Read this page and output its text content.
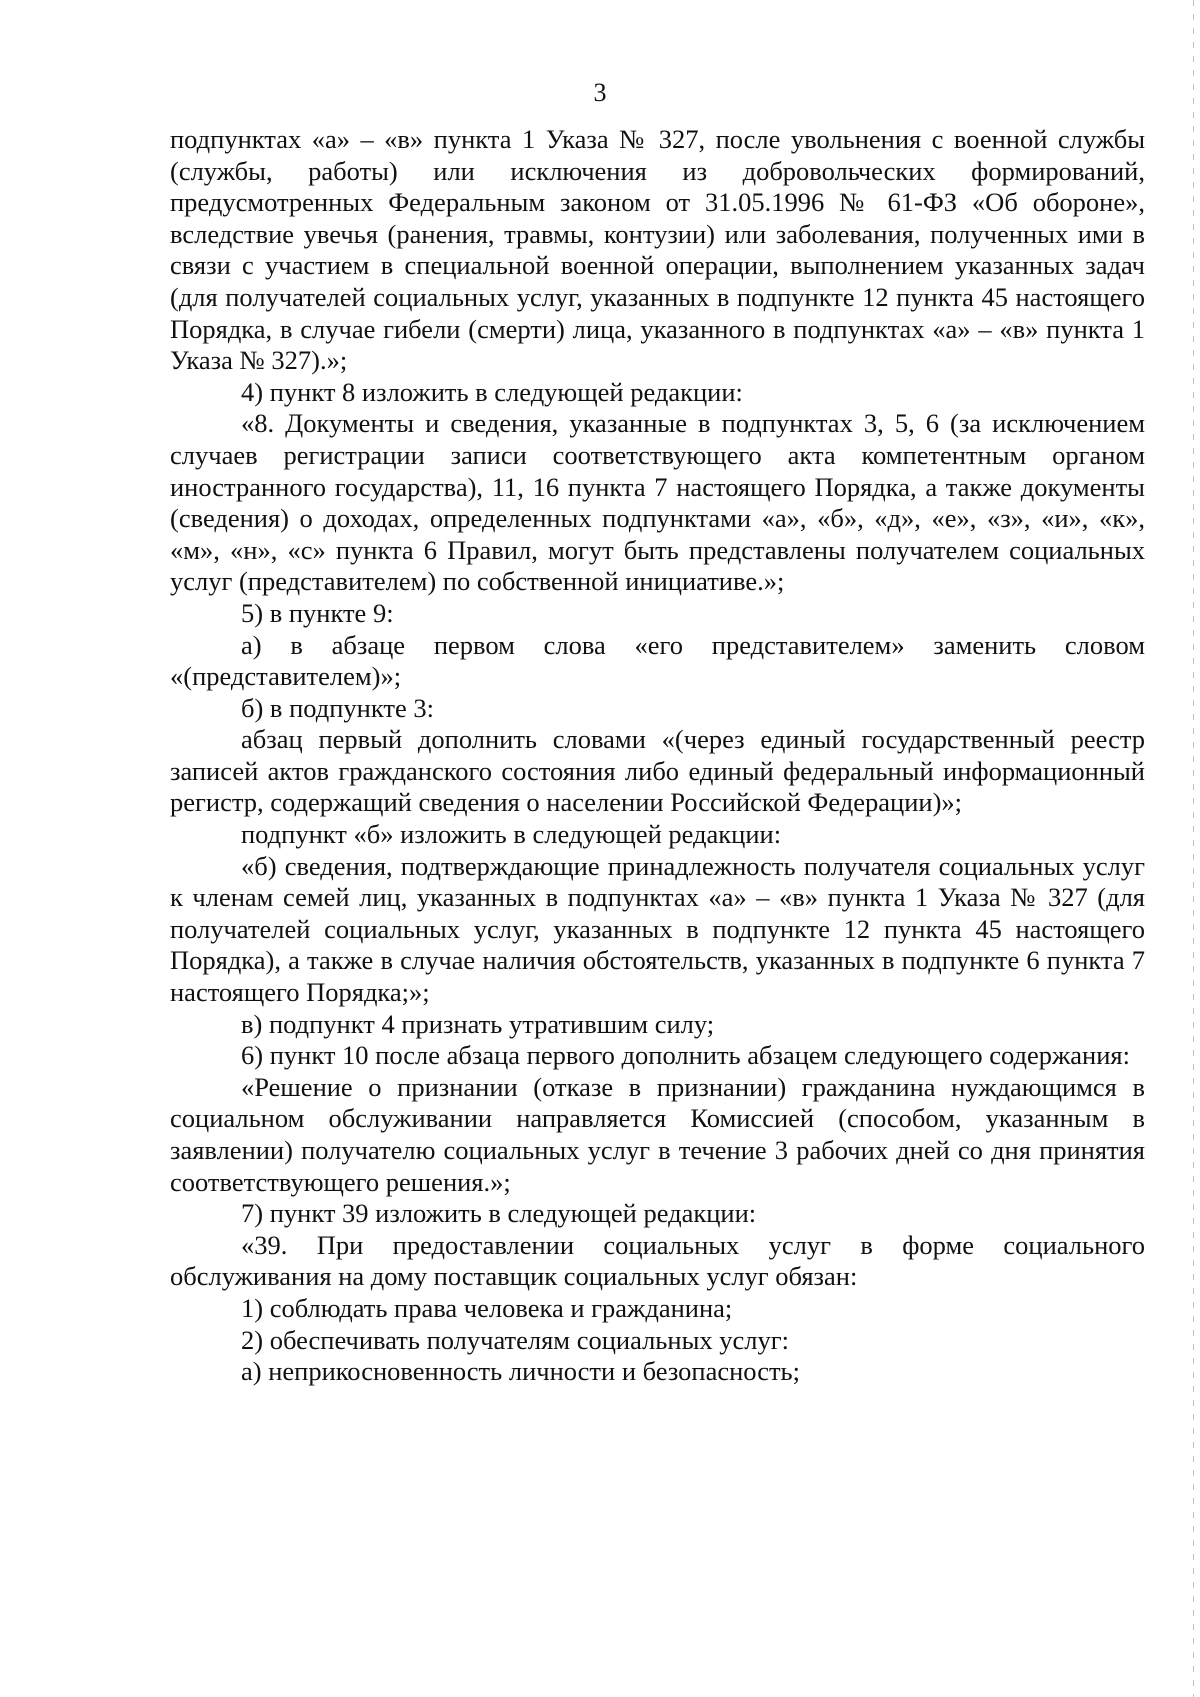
3

подпунктах «а» – «в» пункта 1 Указа № 327, после увольнения с военной службы (службы, работы) или исключения из добровольческих формирований, предусмотренных Федеральным законом от 31.05.1996 № 61-ФЗ «Об обороне», вследствие увечья (ранения, травмы, контузии) или заболевания, полученных ими в связи с участием в специальной военной операции, выполнением указанных задач (для получателей социальных услуг, указанных в подпункте 12 пункта 45 настоящего Порядка, в случае гибели (смерти) лица, указанного в подпунктах «а» – «в» пункта 1 Указа № 327).»;

4) пункт 8 изложить в следующей редакции:

«8. Документы и сведения, указанные в подпунктах 3, 5, 6 (за исключением случаев регистрации записи соответствующего акта компетентным органом иностранного государства), 11, 16 пункта 7 настоящего Порядка, а также документы (сведения) о доходах, определенных подпунктами «а», «б», «д», «е», «з», «и», «к», «м», «н», «с» пункта 6 Правил, могут быть представлены получателем социальных услуг (представителем) по собственной инициативе.»;

5) в пункте 9:

а) в абзаце первом слова «его представителем» заменить словом «(представителем)»;

б) в подпункте 3:

абзац первый дополнить словами «(через единый государственный реестр записей актов гражданского состояния либо единый федеральный информационный регистр, содержащий сведения о населении Российской Федерации)»;

подпункт «б» изложить в следующей редакции:

«б) сведения, подтверждающие принадлежность получателя социальных услуг к членам семей лиц, указанных в подпунктах «а» – «в» пункта 1 Указа № 327 (для получателей социальных услуг, указанных в подпункте 12 пункта 45 настоящего Порядка), а также в случае наличия обстоятельств, указанных в подпункте 6 пункта 7 настоящего Порядка;»;

в) подпункт 4 признать утратившим силу;

6) пункт 10 после абзаца первого дополнить абзацем следующего содержания:

«Решение о признании (отказе в признании) гражданина нуждающимся в социальном обслуживании направляется Комиссией (способом, указанным в заявлении) получателю социальных услуг в течение 3 рабочих дней со дня принятия соответствующего решения.»;

7) пункт 39 изложить в следующей редакции:

«39. При предоставлении социальных услуг в форме социального обслуживания на дому поставщик социальных услуг обязан:

1) соблюдать права человека и гражданина;

2) обеспечивать получателям социальных услуг:

а) неприкосновенность личности и безопасность;
